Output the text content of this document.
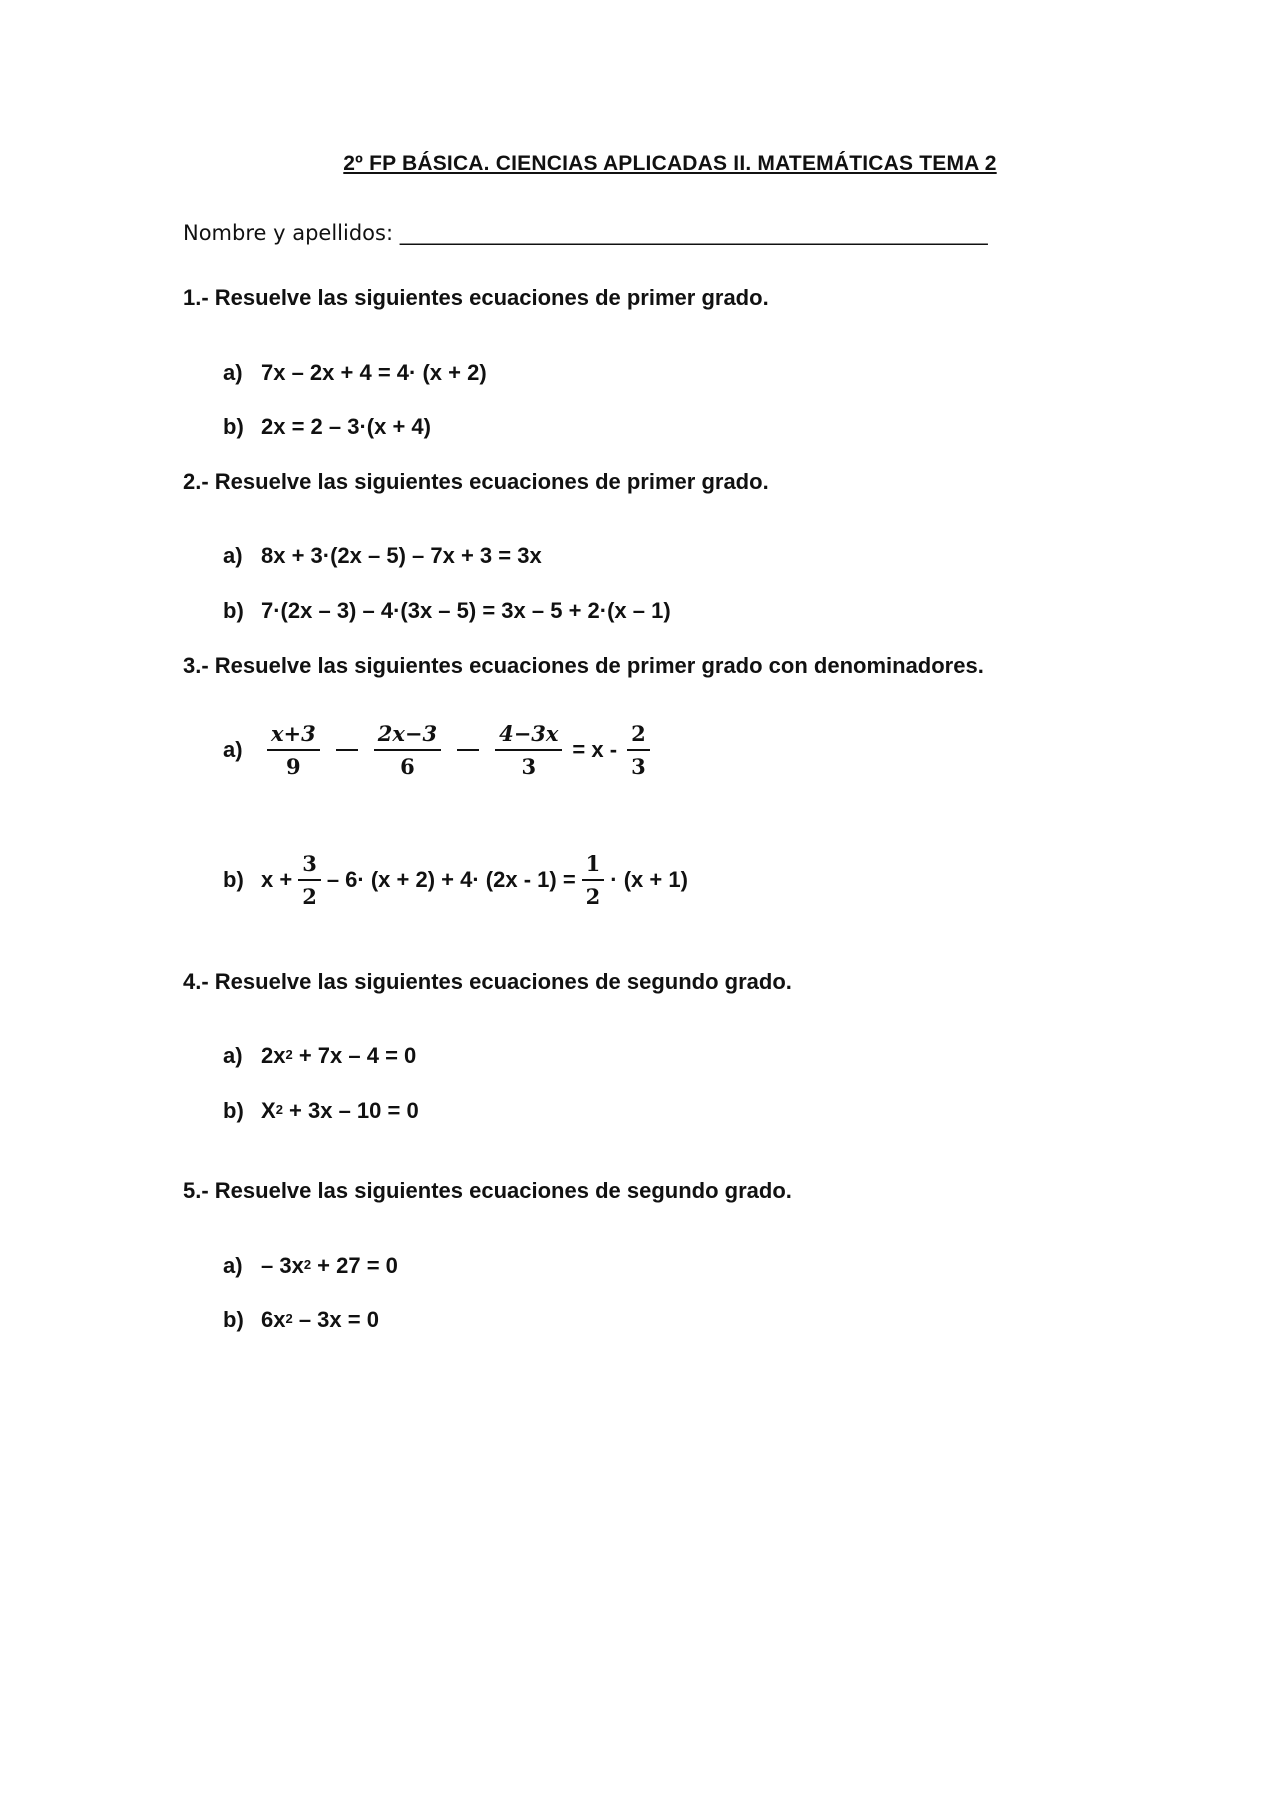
2º FP BÁSICA. CIENCIAS APLICADAS II. MATEMÁTICAS TEMA 2
Nombre y apellidos: ________________________________________________________
1.- Resuelve las siguientes ecuaciones de primer grado.
a) 7x – 2x + 4 = 4· (x + 2)
b) 2x = 2 – 3·(x + 4)
2.- Resuelve las siguientes ecuaciones de primer grado.
a) 8x + 3·(2x – 5) – 7x + 3 = 3x
b) 7·(2x – 3) – 4·(3x – 5) = 3x – 5 + 2·(x – 1)
3.- Resuelve las siguientes ecuaciones de primer grado con denominadores.
a)	$\frac{x+3}{9}$	$\frac{2x-3}{6}$	$\frac{4-3x}{3} = x - \frac{2}{3}$
b) $x + \frac{3}{2} - 6\cdot (x + 2) + 4\cdot (2x - 1) = \frac{1}{2} \cdot (x + 1)$
4.- Resuelve las siguientes ecuaciones de segundo grado.
a) $2x^2 + 7x - 4 = 0$
b) $X^2 + 3x - 10 = 0$
5.- Resuelve las siguientes ecuaciones de segundo grado.
$a) - 3x^2 + 27 = 0$
b) $6x^2 - 3x = 0$
